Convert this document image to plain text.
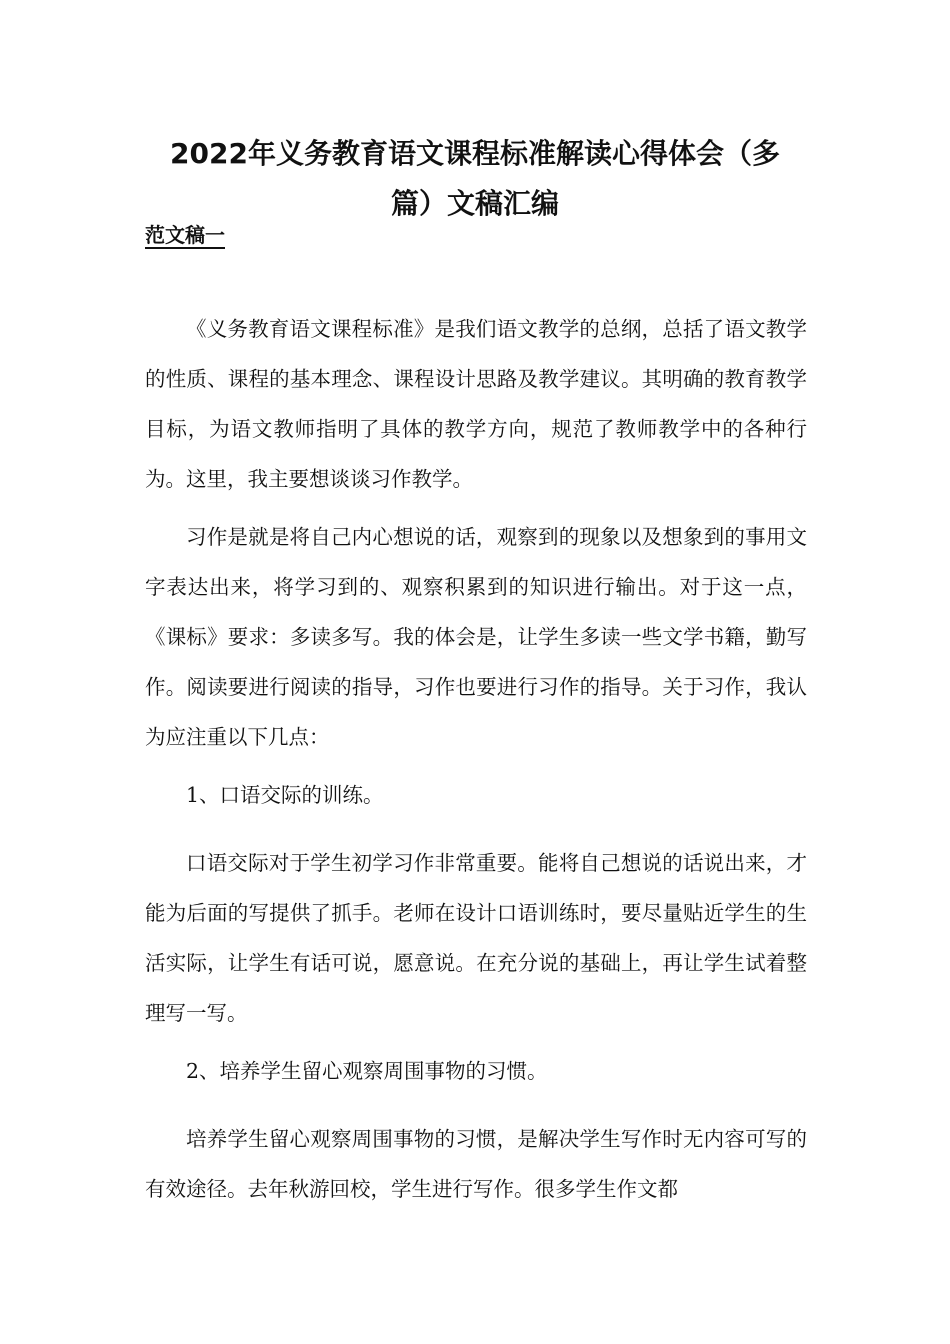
2022年义务教育语文课程标准解读心得体会（多
篇）文稿汇编
范文稿一

《义务教育语文课程标准》是我们语文教学的总纲，总括了语文教学的性质、课程的基本理念、课程设计思路及教学建议。其明确的教育教学目标，为语文教师指明了具体的教学方向，规范了教师教学中的各种行为。这里，我主要想谈谈习作教学。

习作是就是将自己内心想说的话，观察到的现象以及想象到的事用文字表达出来，将学习到的、观察积累到的知识进行输出。对于这一点，《课标》要求：多读多写。我的体会是，让学生多读一些文学书籍，勤写作。阅读要进行阅读的指导，习作也要进行习作的指导。关于习作，我认为应注重以下几点：

1、口语交际的训练。

口语交际对于学生初学习作非常重要。能将自己想说的话说出来，才能为后面的写提供了抓手。老师在设计口语训练时，要尽量贴近学生的生活实际，让学生有话可说，愿意说。在充分说的基础上，再让学生试着整理写一写。

2、培养学生留心观察周围事物的习惯。

培养学生留心观察周围事物的习惯，是解决学生写作时无内容可写的有效途径。去年秋游回校，学生进行写作。很多学生作文都
